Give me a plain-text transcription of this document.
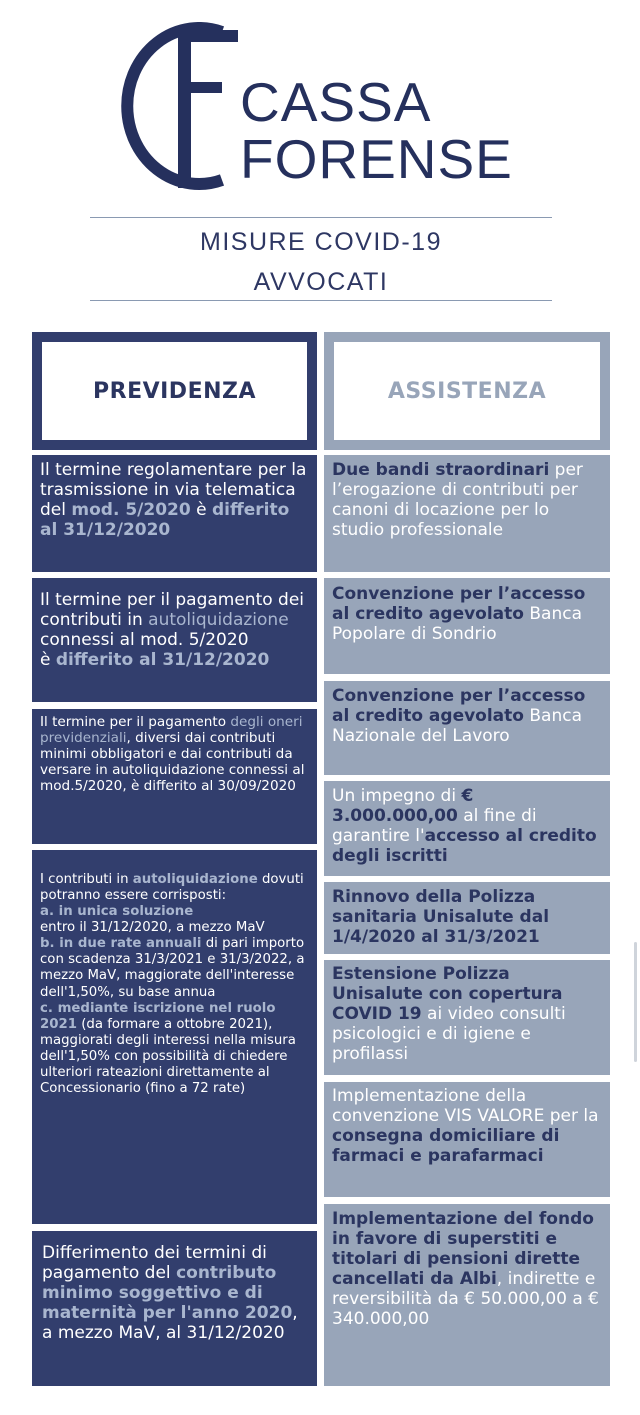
CASSA
FORENSE
MISURE COVID-19
AVVOCATI
PREVIDENZA	ASSISTENZA
Il termine regolamentare per la trasmissione in via telematica del mod. 5/2020 è differito al 31/12/2020
Il termine per il pagamento dei contributi in autoliquidazione connessi al mod. 5/2020
è differito al 31/12/2020
Il termine per il pagamento degli oneri previdenziali, diversi dai contributi minimi obbligatori e dai contributi da versare in autoliquidazione connessi al mod.5/2020, è differito al 30/09/2020
I contributi in autoliquidazione dovuti potranno essere corrisposti:
a. in unica soluzione
entro il 31/12/2020, a mezzo MaV
b. in due rate annuali di pari importo con scadenza 31/3/2021 e 31/3/2022, a mezzo MaV, maggiorate dell'interesse dell'1,50%, su base annua
c. mediante iscrizione nel ruolo 2021 (da formare a ottobre 2021), maggiorati degli interessi nella misura dell'1,50% con possibilità di chiedere ulteriori rateazioni direttamente al Concessionario (fino a 72 rate)
Differimento dei termini di pagamento del contributo minimo soggettivo e di maternità per l'anno 2020, a mezzo MaV, al 31/12/2020
Due bandi straordinari per l’erogazione di contributi per canoni di locazione per lo studio professionale
Convenzione per l’accesso al credito agevolato Banca Popolare di Sondrio
Convenzione per l’accesso al credito agevolato Banca Nazionale del Lavoro
Un impegno di € 3.000.000,00 al fine di garantire l'accesso al credito degli iscritti
Rinnovo della Polizza sanitaria Unisalute dal 1/4/2020 al 31/3/2021
Estensione Polizza Unisalute con copertura COVID 19 ai video consulti psicologici e di igiene e profilassi
Implementazione della convenzione VIS VALORE per la consegna domiciliare di farmaci e parafarmaci
Implementazione del fondo in favore di superstiti e titolari di pensioni dirette cancellati da Albi, indirette e reversibilità da € 50.000,00 a € 340.000,00
